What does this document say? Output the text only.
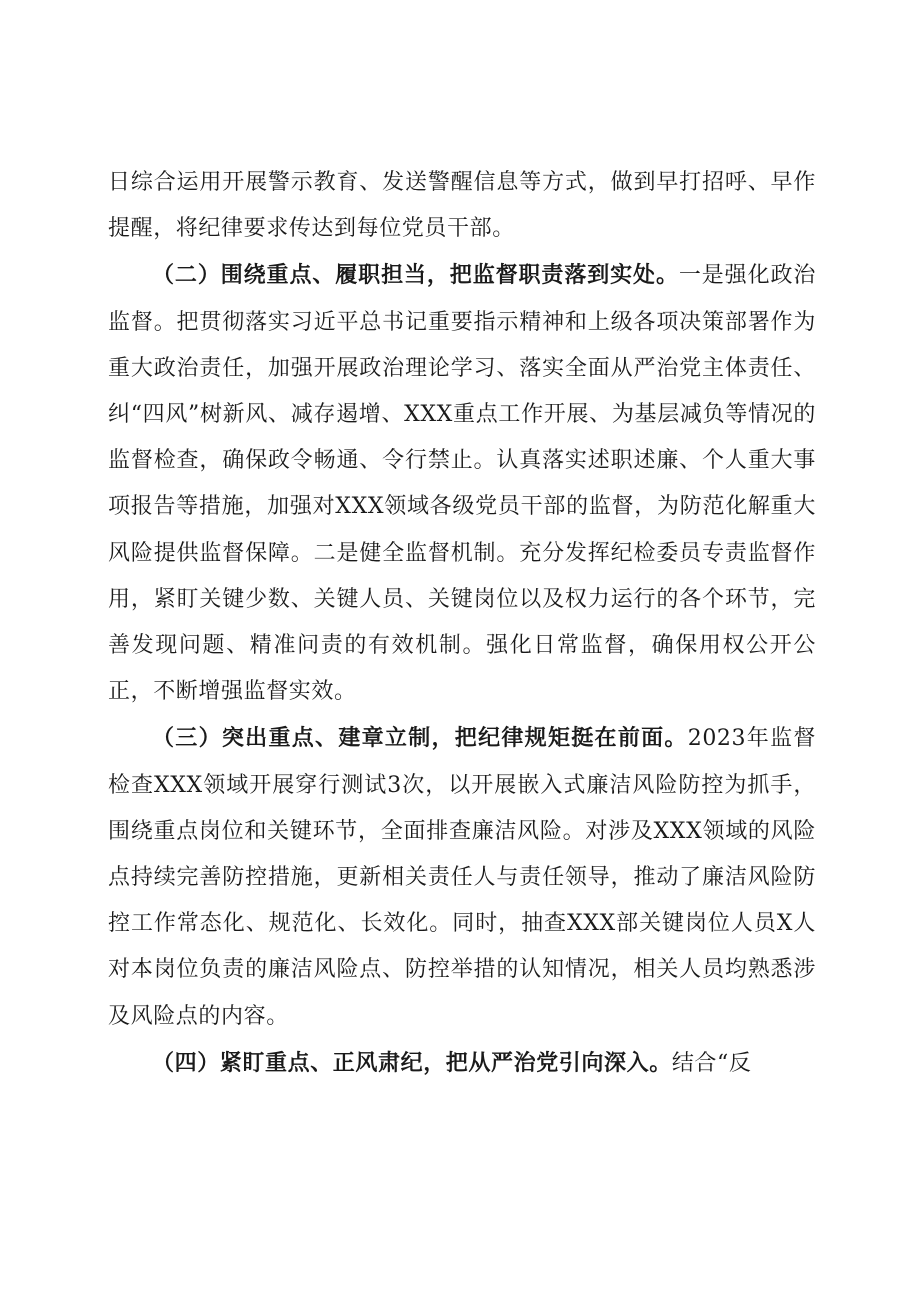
日综合运用开展警示教育、发送警醒信息等方式，做到早打招呼、早作提醒，将纪律要求传达到每位党员干部。

（二）围绕重点、履职担当，把监督职责落到实处。一是强化政治监督。把贯彻落实习近平总书记重要指示精神和上级各项决策部署作为重大政治责任，加强开展政治理论学习、落实全面从严治党主体责任、纠“四风”树新风、减存遏增、XXX重点工作开展、为基层减负等情况的监督检查，确保政令畅通、令行禁止。认真落实述职述廉、个人重大事项报告等措施，加强对XXX领域各级党员干部的监督，为防范化解重大风险提供监督保障。二是健全监督机制。充分发挥纪检委员专责监督作用，紧盯关键少数、关键人员、关键岗位以及权力运行的各个环节，完善发现问题、精准问责的有效机制。强化日常监督，确保用权公开公正，不断增强监督实效。

（三）突出重点、建章立制，把纪律规矩挺在前面。2023年监督检查XXX领域开展穿行测试3次，以开展嵌入式廉洁风险防控为抓手，围绕重点岗位和关键环节，全面排查廉洁风险。对涉及XXX领域的风险点持续完善防控措施，更新相关责任人与责任领导，推动了廉洁风险防控工作常态化、规范化、长效化。同时，抽查XXX部关键岗位人员X人对本岗位负责的廉洁风险点、防控举措的认知情况，相关人员均熟悉涉及风险点的内容。

（四）紧盯重点、正风肃纪，把从严治党引向深入。结合“反
